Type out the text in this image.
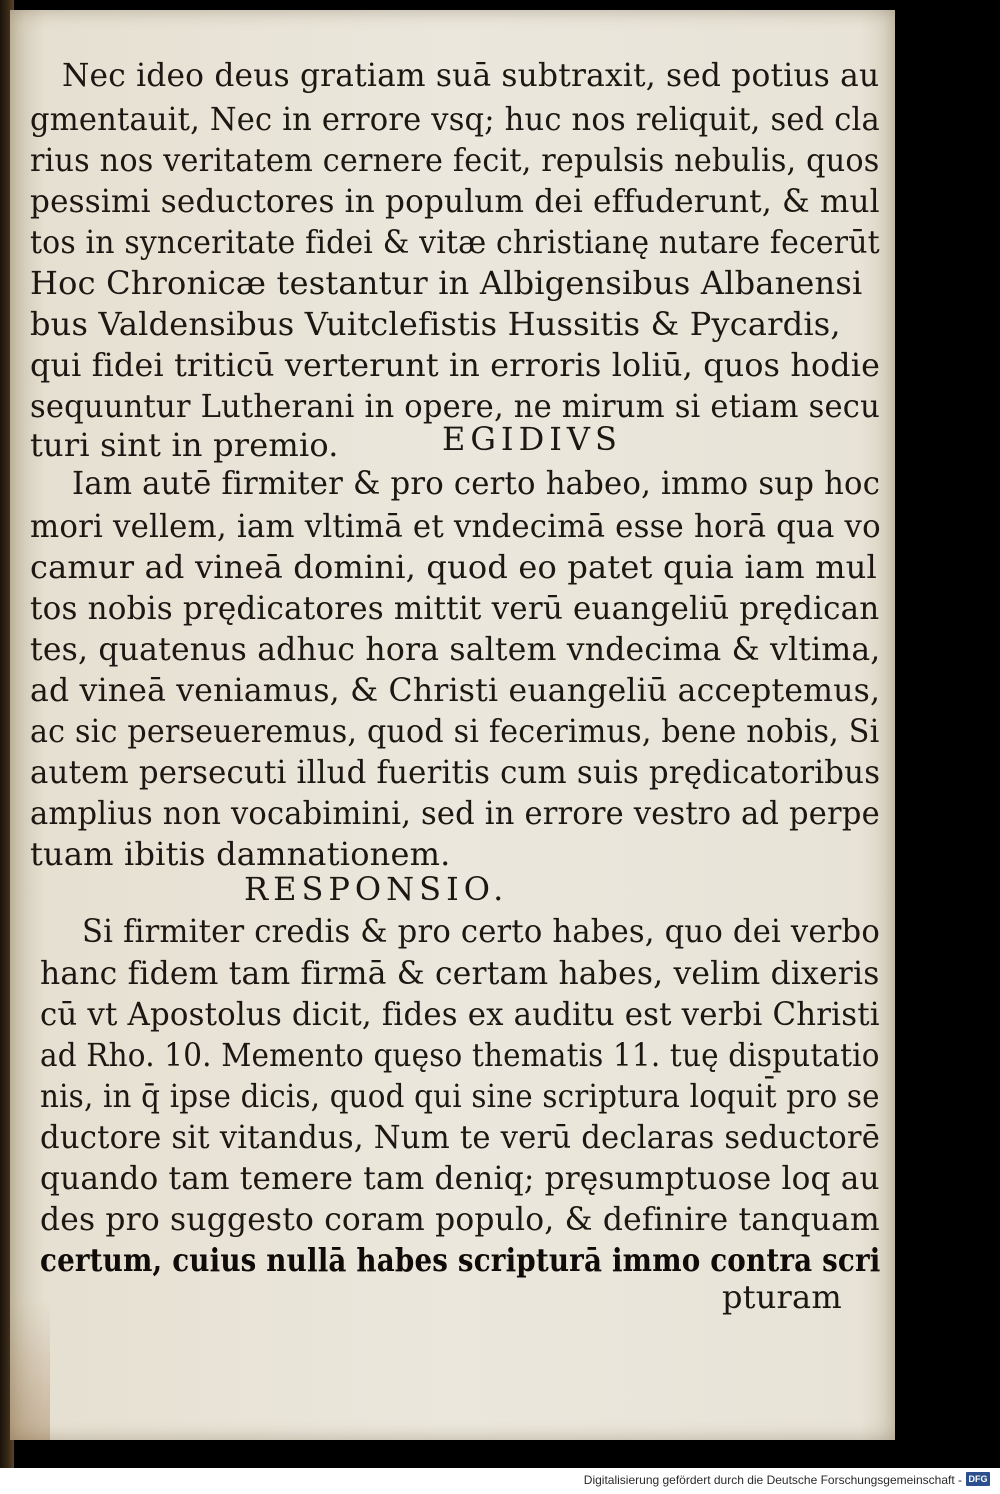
Nec ideo deus gratiam suā subtraxit, sed potius au
gmentauit, Nec in errore vsq; huc nos reliquit, sed cla
rius nos veritatem cernere fecit, repulsis nebulis, quos
pessimi seductores in populum dei effuderunt, & mul
tos in synceritate fidei & vitæ christianę nutare fecerūt
Hoc Chronicæ testantur in Albigensibus Albanensi
bus Valdensibus Vuitclefistis Hussitis & Pycardis,
qui fidei triticū verterunt in erroris loliū, quos hodie
sequuntur Lutherani in opere, ne mirum si etiam secu
turi sint in premio.	EGIDIVS
Iam autē firmiter & pro certo habeo, immo sup hoc
mori vellem, iam vltimā et vndecimā esse horā qua vo
camur ad vineā domini, quod eo patet quia iam mul
tos nobis prędicatores mittit verū euangeliū prędican
tes, quatenus adhuc hora saltem vndecima & vltima,
ad vineā veniamus, & Christi euangeliū acceptemus,
ac sic perseueremus, quod si fecerimus, bene nobis, Si
autem persecuti illud fueritis cum suis prędicatoribus
amplius non vocabimini, sed in errore vestro ad perpe
tuam ibitis damnationem.
RESPONSIO.
Si firmiter credis & pro certo habes, quo dei verbo
hanc fidem tam firmā & certam habes, velim dixeris
cū vt Apostolus dicit, fides ex auditu est verbi Christi
ad Rho. 10. Memento quęso thematis 11. tuę disputatio
nis, in q̄ ipse dicis, quod qui sine scriptura loquit̄ pro se
ductore sit vitandus, Num te verū declaras seductorē
quando tam temere tam deniq; pręsumptuose loq au
des pro suggesto coram populo, & definire tanquam
certum, cuius nullā habes scripturā immo contra scri
pturam
Digitalisierung gefördert durch die Deutsche Forschungsgemeinschaft - DFG
